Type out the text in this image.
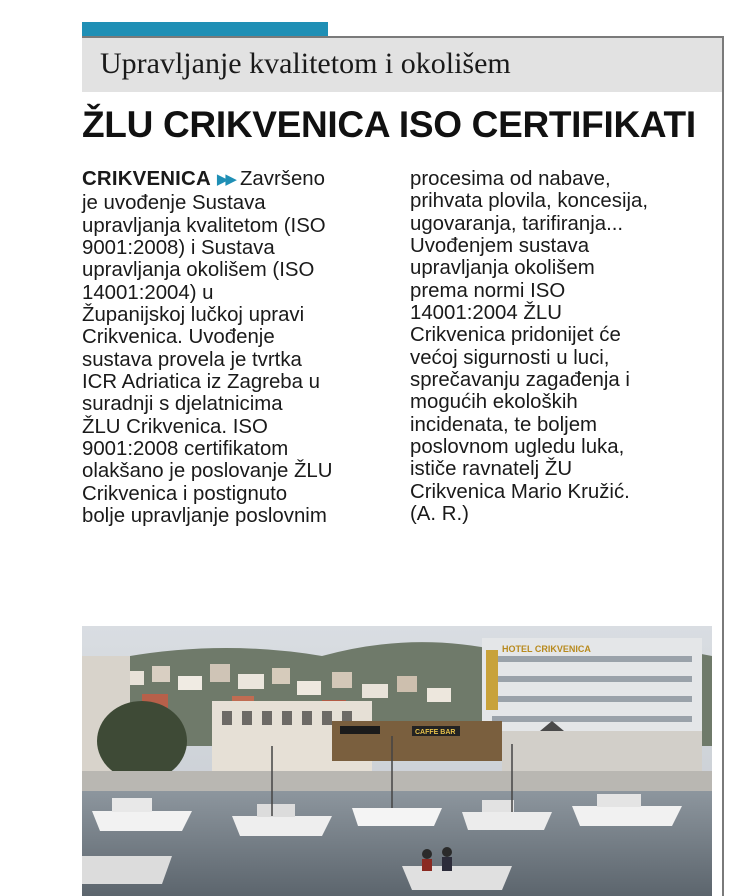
Upravljanje kvalitetom i okolišem
ŽLU CRIKVENICA ISO CERTIFIKATI
CRIKVENICA ▶▶ Završeno
je uvođenje Sustava
upravljanja kvalitetom (ISO
9001:2008) i Sustava
upravljanja okolišem (ISO
14001:2004) u
Županijskoj lučkoj upravi
Crikvenica. Uvođenje
sustava provela je tvrtka
ICR Adriatica iz Zagreba u
suradnji s djelatnicima
ŽLU Crikvenica. ISO
9001:2008 certifikatom
olakšano je poslovanje ŽLU
Crikvenica i postignuto
bolje upravljanje poslovnim
procesima od nabave,
prihvata plovila, koncesija,
ugovaranja, tarifiranja...
Uvođenjem sustava
upravljanja okolišem
prema normi ISO
14001:2004 ŽLU
Crikvenica pridonijet će
većoj sigurnosti u luci,
sprečavanju zagađenja i
mogućih ekoloških
incidenata, te boljem
poslovnom ugledu luka,
ističe ravnatelj ŽU
Crikvenica Mario Kružić.
(A. R.)
HOTEL CRIKVENICA
CAFFE BAR
